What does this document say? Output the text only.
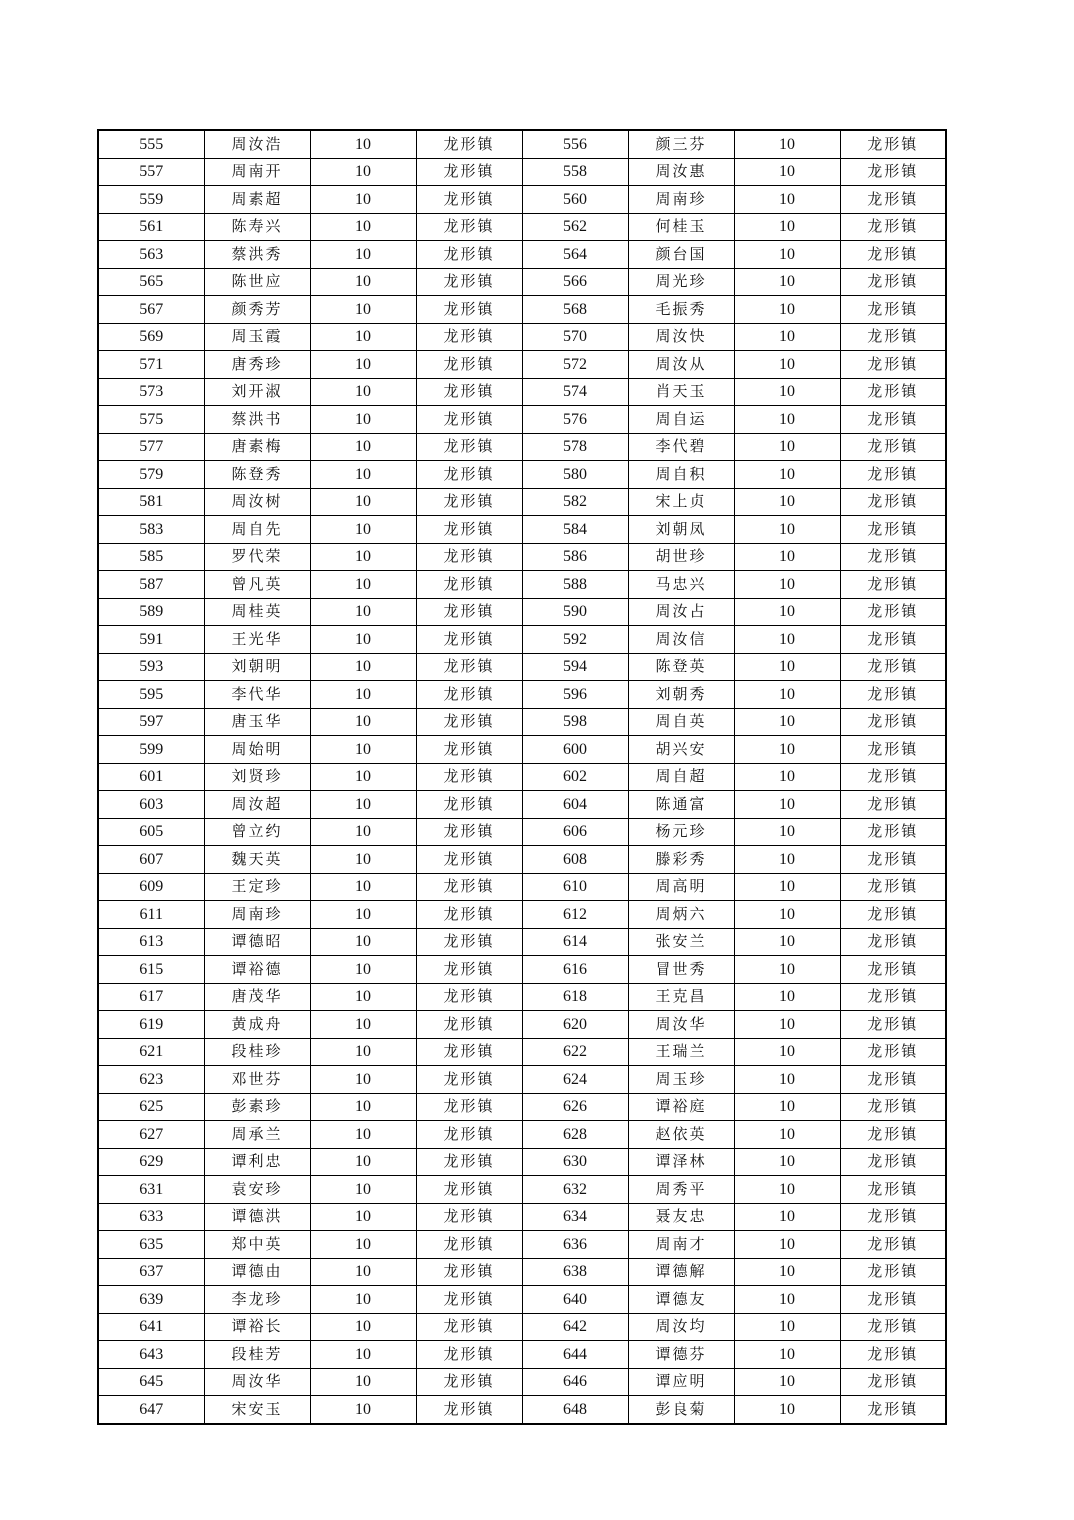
555	周汝浩	10	龙形镇	556	颜三芬	10	龙形镇
557	周南开	10	龙形镇	558	周汝惠	10	龙形镇
559	周素超	10	龙形镇	560	周南珍	10	龙形镇
561	陈寿兴	10	龙形镇	562	何桂玉	10	龙形镇
563	蔡洪秀	10	龙形镇	564	颜台国	10	龙形镇
565	陈世应	10	龙形镇	566	周光珍	10	龙形镇
567	颜秀芳	10	龙形镇	568	毛振秀	10	龙形镇
569	周玉霞	10	龙形镇	570	周汝快	10	龙形镇
571	唐秀珍	10	龙形镇	572	周汝从	10	龙形镇
573	刘开淑	10	龙形镇	574	肖天玉	10	龙形镇
575	蔡洪书	10	龙形镇	576	周自运	10	龙形镇
577	唐素梅	10	龙形镇	578	李代碧	10	龙形镇
579	陈登秀	10	龙形镇	580	周自积	10	龙形镇
581	周汝树	10	龙形镇	582	宋上贞	10	龙形镇
583	周自先	10	龙形镇	584	刘朝凤	10	龙形镇
585	罗代荣	10	龙形镇	586	胡世珍	10	龙形镇
587	曾凡英	10	龙形镇	588	马忠兴	10	龙形镇
589	周桂英	10	龙形镇	590	周汝占	10	龙形镇
591	王光华	10	龙形镇	592	周汝信	10	龙形镇
593	刘朝明	10	龙形镇	594	陈登英	10	龙形镇
595	李代华	10	龙形镇	596	刘朝秀	10	龙形镇
597	唐玉华	10	龙形镇	598	周自英	10	龙形镇
599	周始明	10	龙形镇	600	胡兴安	10	龙形镇
601	刘贤珍	10	龙形镇	602	周自超	10	龙形镇
603	周汝超	10	龙形镇	604	陈通富	10	龙形镇
605	曾立约	10	龙形镇	606	杨元珍	10	龙形镇
607	魏天英	10	龙形镇	608	滕彩秀	10	龙形镇
609	王定珍	10	龙形镇	610	周高明	10	龙形镇
611	周南珍	10	龙形镇	612	周炳六	10	龙形镇
613	谭德昭	10	龙形镇	614	张安兰	10	龙形镇
615	谭裕德	10	龙形镇	616	冒世秀	10	龙形镇
617	唐茂华	10	龙形镇	618	王克昌	10	龙形镇
619	黄成舟	10	龙形镇	620	周汝华	10	龙形镇
621	段桂珍	10	龙形镇	622	王瑞兰	10	龙形镇
623	邓世芬	10	龙形镇	624	周玉珍	10	龙形镇
625	彭素珍	10	龙形镇	626	谭裕庭	10	龙形镇
627	周承兰	10	龙形镇	628	赵依英	10	龙形镇
629	谭利忠	10	龙形镇	630	谭泽林	10	龙形镇
631	袁安珍	10	龙形镇	632	周秀平	10	龙形镇
633	谭德洪	10	龙形镇	634	聂友忠	10	龙形镇
635	郑中英	10	龙形镇	636	周南才	10	龙形镇
637	谭德由	10	龙形镇	638	谭德解	10	龙形镇
639	李龙珍	10	龙形镇	640	谭德友	10	龙形镇
641	谭裕长	10	龙形镇	642	周汝均	10	龙形镇
643	段桂芳	10	龙形镇	644	谭德芬	10	龙形镇
645	周汝华	10	龙形镇	646	谭应明	10	龙形镇
647	宋安玉	10	龙形镇	648	彭良菊	10	龙形镇
